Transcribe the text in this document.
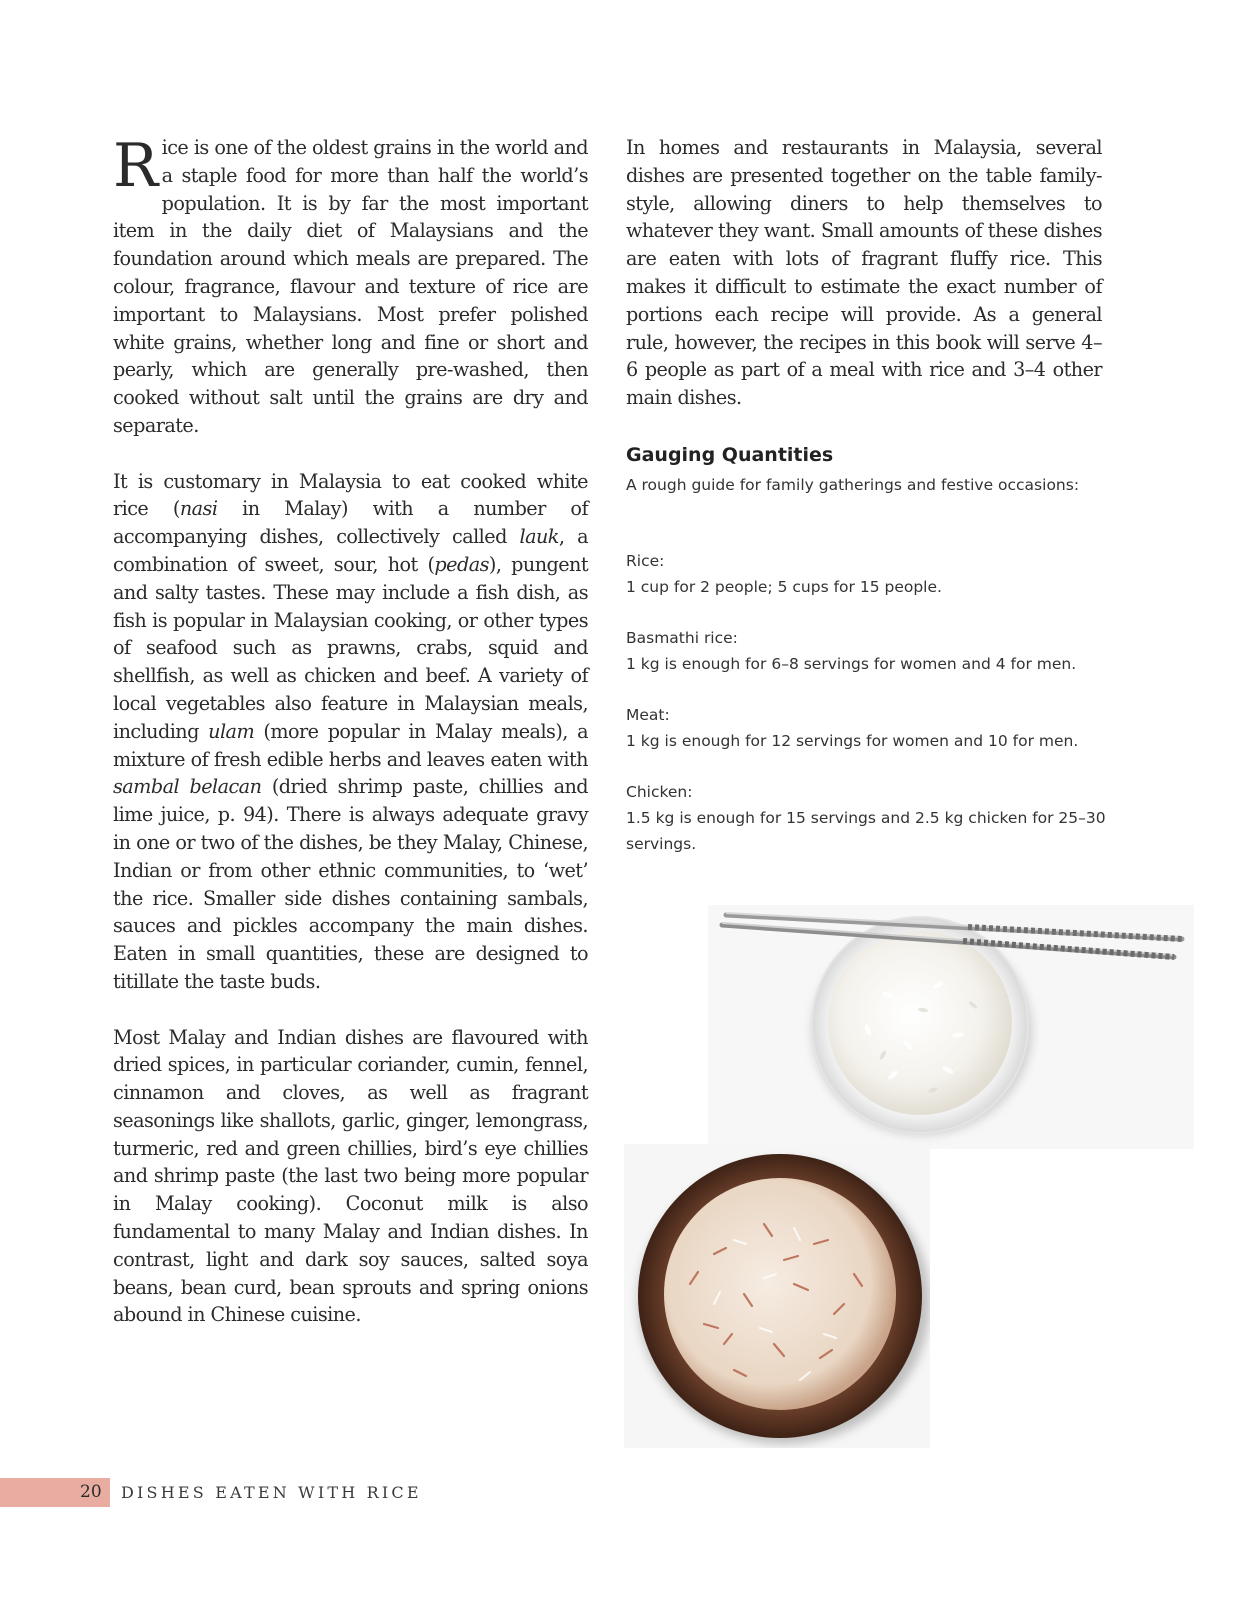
Rice is one of the oldest grains in the world and a staple food for more than half the world’s population. It is by far the most important item in the daily diet of Malaysians and the foundation around which meals are prepared. The colour, fragrance, flavour and texture of rice are important to Malaysians. Most prefer polished white grains, whether long and fine or short and pearly, which are generally pre-washed, then cooked without salt until the grains are dry and separate.

It is customary in Malaysia to eat cooked white rice (nasi in Malay) with a number of accompanying dishes, collectively called lauk, a combination of sweet, sour, hot (pedas), pungent and salty tastes. These may include a fish dish, as fish is popular in Malaysian cooking, or other types of seafood such as prawns, crabs, squid and shellfish, as well as chicken and beef. A variety of local vegetables also feature in Malaysian meals, including ulam (more popular in Malay meals), a mixture of fresh edible herbs and leaves eaten with sambal belacan (dried shrimp paste, chillies and lime juice, p. 94). There is always adequate gravy in one or two of the dishes, be they Malay, Chinese, Indian or from other ethnic communities, to ‘wet’ the rice. Smaller side dishes containing sambals, sauces and pickles accompany the main dishes. Eaten in small quantities, these are designed to titillate the taste buds.

Most Malay and Indian dishes are flavoured with dried spices, in particular coriander, cumin, fennel, cinnamon and cloves, as well as fragrant seasonings like shallots, garlic, ginger, lemongrass, turmeric, red and green chillies, bird’s eye chillies and shrimp paste (the last two being more popular in Malay cooking). Coconut milk is also fundamental to many Malay and Indian dishes. In contrast, light and dark soy sauces, salted soya beans, bean curd, bean sprouts and spring onions abound in Chinese cuisine.

In homes and restaurants in Malaysia, several dishes are presented together on the table family-style, allowing diners to help themselves to whatever they want. Small amounts of these dishes are eaten with lots of fragrant fluffy rice. This makes it difficult to estimate the exact number of portions each recipe will provide. As a general rule, however, the recipes in this book will serve 4–6 people as part of a meal with rice and 3–4 other main dishes.

Gauging Quantities

A rough guide for family gatherings and festive occasions:

Rice:

1 cup for 2 people; 5 cups for 15 people.

Basmathi rice:

1 kg is enough for 6–8 servings for women and 4 for men.

Meat:

1 kg is enough for 12 servings for women and 10 for men.

Chicken:

1.5 kg is enough for 15 servings and 2.5 kg chicken for 25–30 servings.

20 DISHES EATEN WITH RICE
